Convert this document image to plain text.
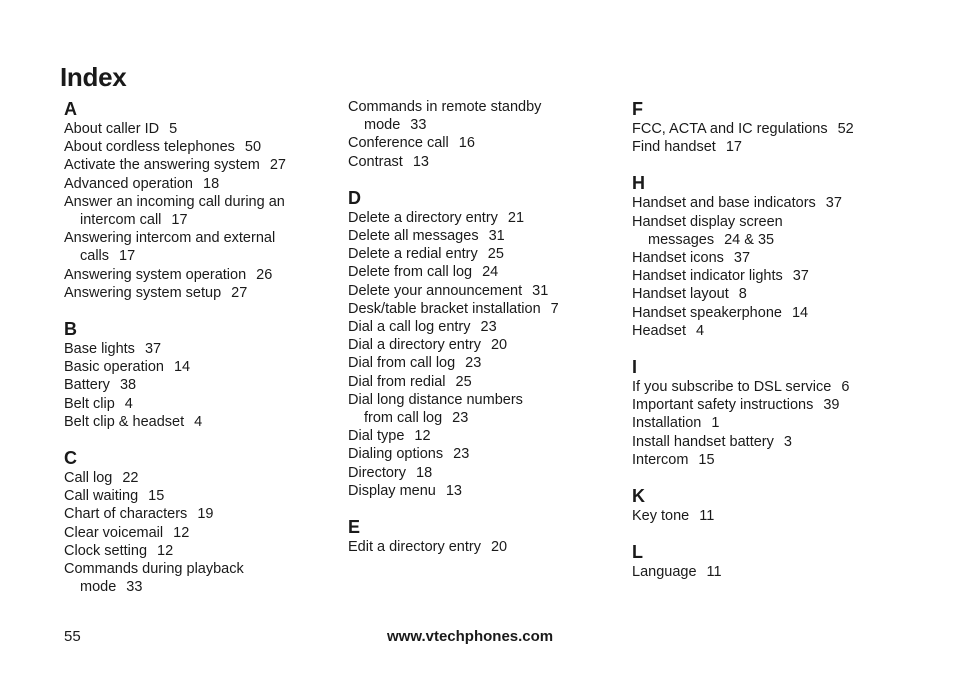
Index
A
About caller ID 5
About cordless telephones 50
Activate the answering system 27
Advanced operation 18
Answer an incoming call during an
intercom call 17
Answering intercom and external
calls 17
Answering system operation 26
Answering system setup 27
B
Base lights 37
Basic operation 14
Battery 38
Belt clip 4
Belt clip & headset 4
C
Call log 22
Call waiting 15
Chart of characters 19
Clear voicemail 12
Clock setting 12
Commands during playback
mode 33
Commands in remote standby
mode 33
Conference call 16
Contrast 13
D
Delete a directory entry 21
Delete all messages 31
Delete a redial entry 25
Delete from call log 24
Delete your announcement 31
Desk/table bracket installation 7
Dial a call log entry 23
Dial a directory entry 20
Dial from call log 23
Dial from redial 25
Dial long distance numbers
from call log 23
Dial type 12
Dialing options 23
Directory 18
Display menu 13
E
Edit a directory entry 20
F
FCC, ACTA and IC regulations 52
Find handset 17
H
Handset and base indicators 37
Handset display screen
messages 24 & 35
Handset icons 37
Handset indicator lights 37
Handset layout 8
Handset speakerphone 14
Headset 4
I
If you subscribe to DSL service 6
Important safety instructions 39
Installation 1
Install handset battery 3
Intercom 15
K
Key tone 11
L
Language 11
55	www.vtechphones.com
